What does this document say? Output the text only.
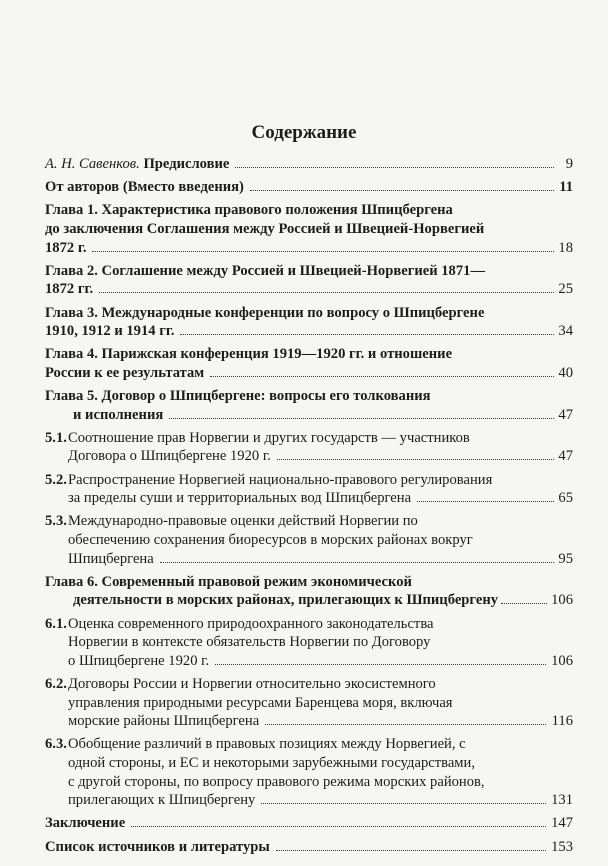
Содержание
А. Н. Савенков. Предисловие	9
От авторов (Вместо введения)	11
Глава 1. Характеристика правового положения Шпицбергена
до заключения Соглашения между Россией и Швецией-Норвегией
1872 г.	18
Глава 2. Соглашение между Россией и Швецией-Норвегией 1871—
1872 гг.	25
Глава 3. Международные конференции по вопросу о Шпицбергене
1910, 1912 и 1914 гг.	34
Глава 4. Парижская конференция 1919—1920 гг. и отношение
России к ее результатам	40
Глава 5. Договор о Шпицбергене: вопросы его толкования
и исполнения	47
5.1. Соотношение прав Норвегии и других государств — участников
Договора о Шпицбергене 1920 г.	47
5.2. Распространение Норвегией национально-правового регулирования
за пределы суши и территориальных вод Шпицбергена	65
5.3. Международно-правовые оценки действий Норвегии по
обеспечению сохранения биоресурсов в морских районах вокруг
Шпицбергена	95
Глава 6. Современный правовой режим экономической
деятельности в морских районах, прилегающих к Шпицбергену	106
6.1. Оценка современного природоохранного законодательства
Норвегии в контексте обязательств Норвегии по Договору
о Шпицбергене 1920 г.	106
6.2. Договоры России и Норвегии относительно экосистемного
управления природными ресурсами Баренцева моря, включая
морские районы Шпицбергена	116
6.3. Обобщение различий в правовых позициях между Норвегией, с
одной стороны, и ЕС и некоторыми зарубежными государствами,
с другой стороны, по вопросу правового режима морских районов,
прилегающих к Шпицбергену	131
Заключение	147
Список источников и литературы	153
